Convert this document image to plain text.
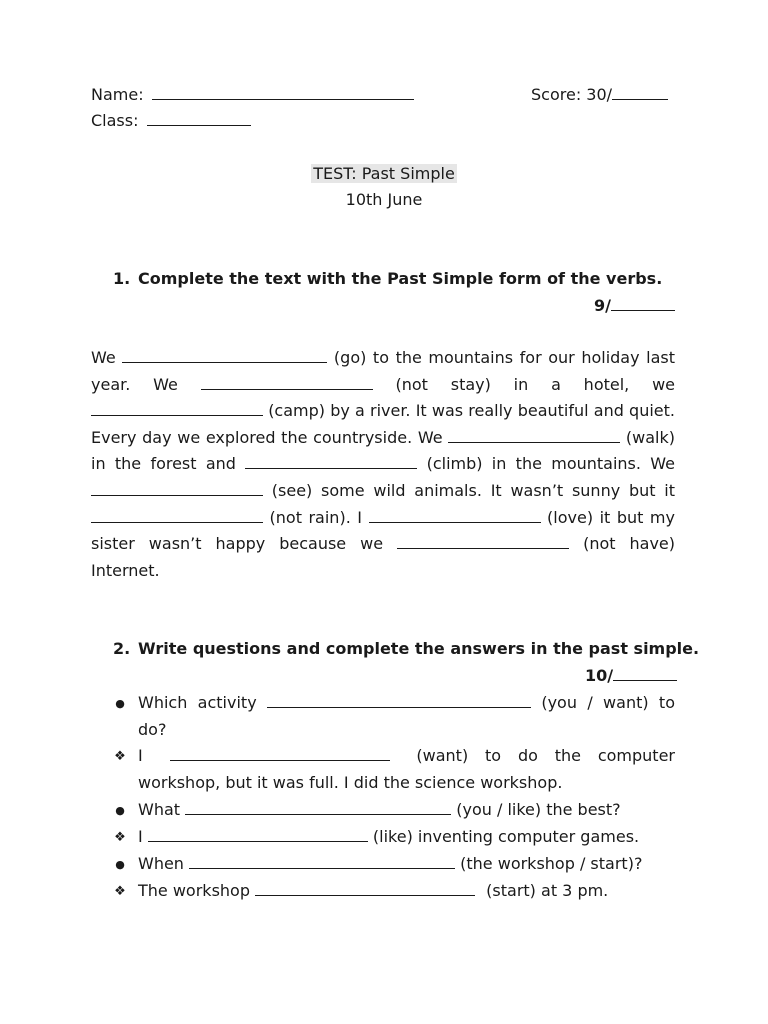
Name:	Score: 30/
Class:
TEST: Past Simple
10th June
1. Complete the text with the Past Simple form of the verbs.
9/
We	(go) to the mountains for our holiday last year. We	(not stay) in a hotel, we  (camp) by a river. It was really beautiful and quiet. Every day we explored the countryside. We	(walk) in the forest and	(climb) in the mountains. We  (see) some wild animals. It wasn’t sunny but it  (not rain). I	(love) it but my sister wasn’t happy because we	(not have) Internet.
2. Write questions and complete the answers in the past simple.
10/
● Which activity	(you / want) to do?
❖ I	(want) to do the computer workshop, but it was full. I did the science workshop.
● What	(you / like) the best?
❖ I	(like) inventing computer games.
● When	(the workshop / start)?
❖ The workshop	(start) at 3 pm.
